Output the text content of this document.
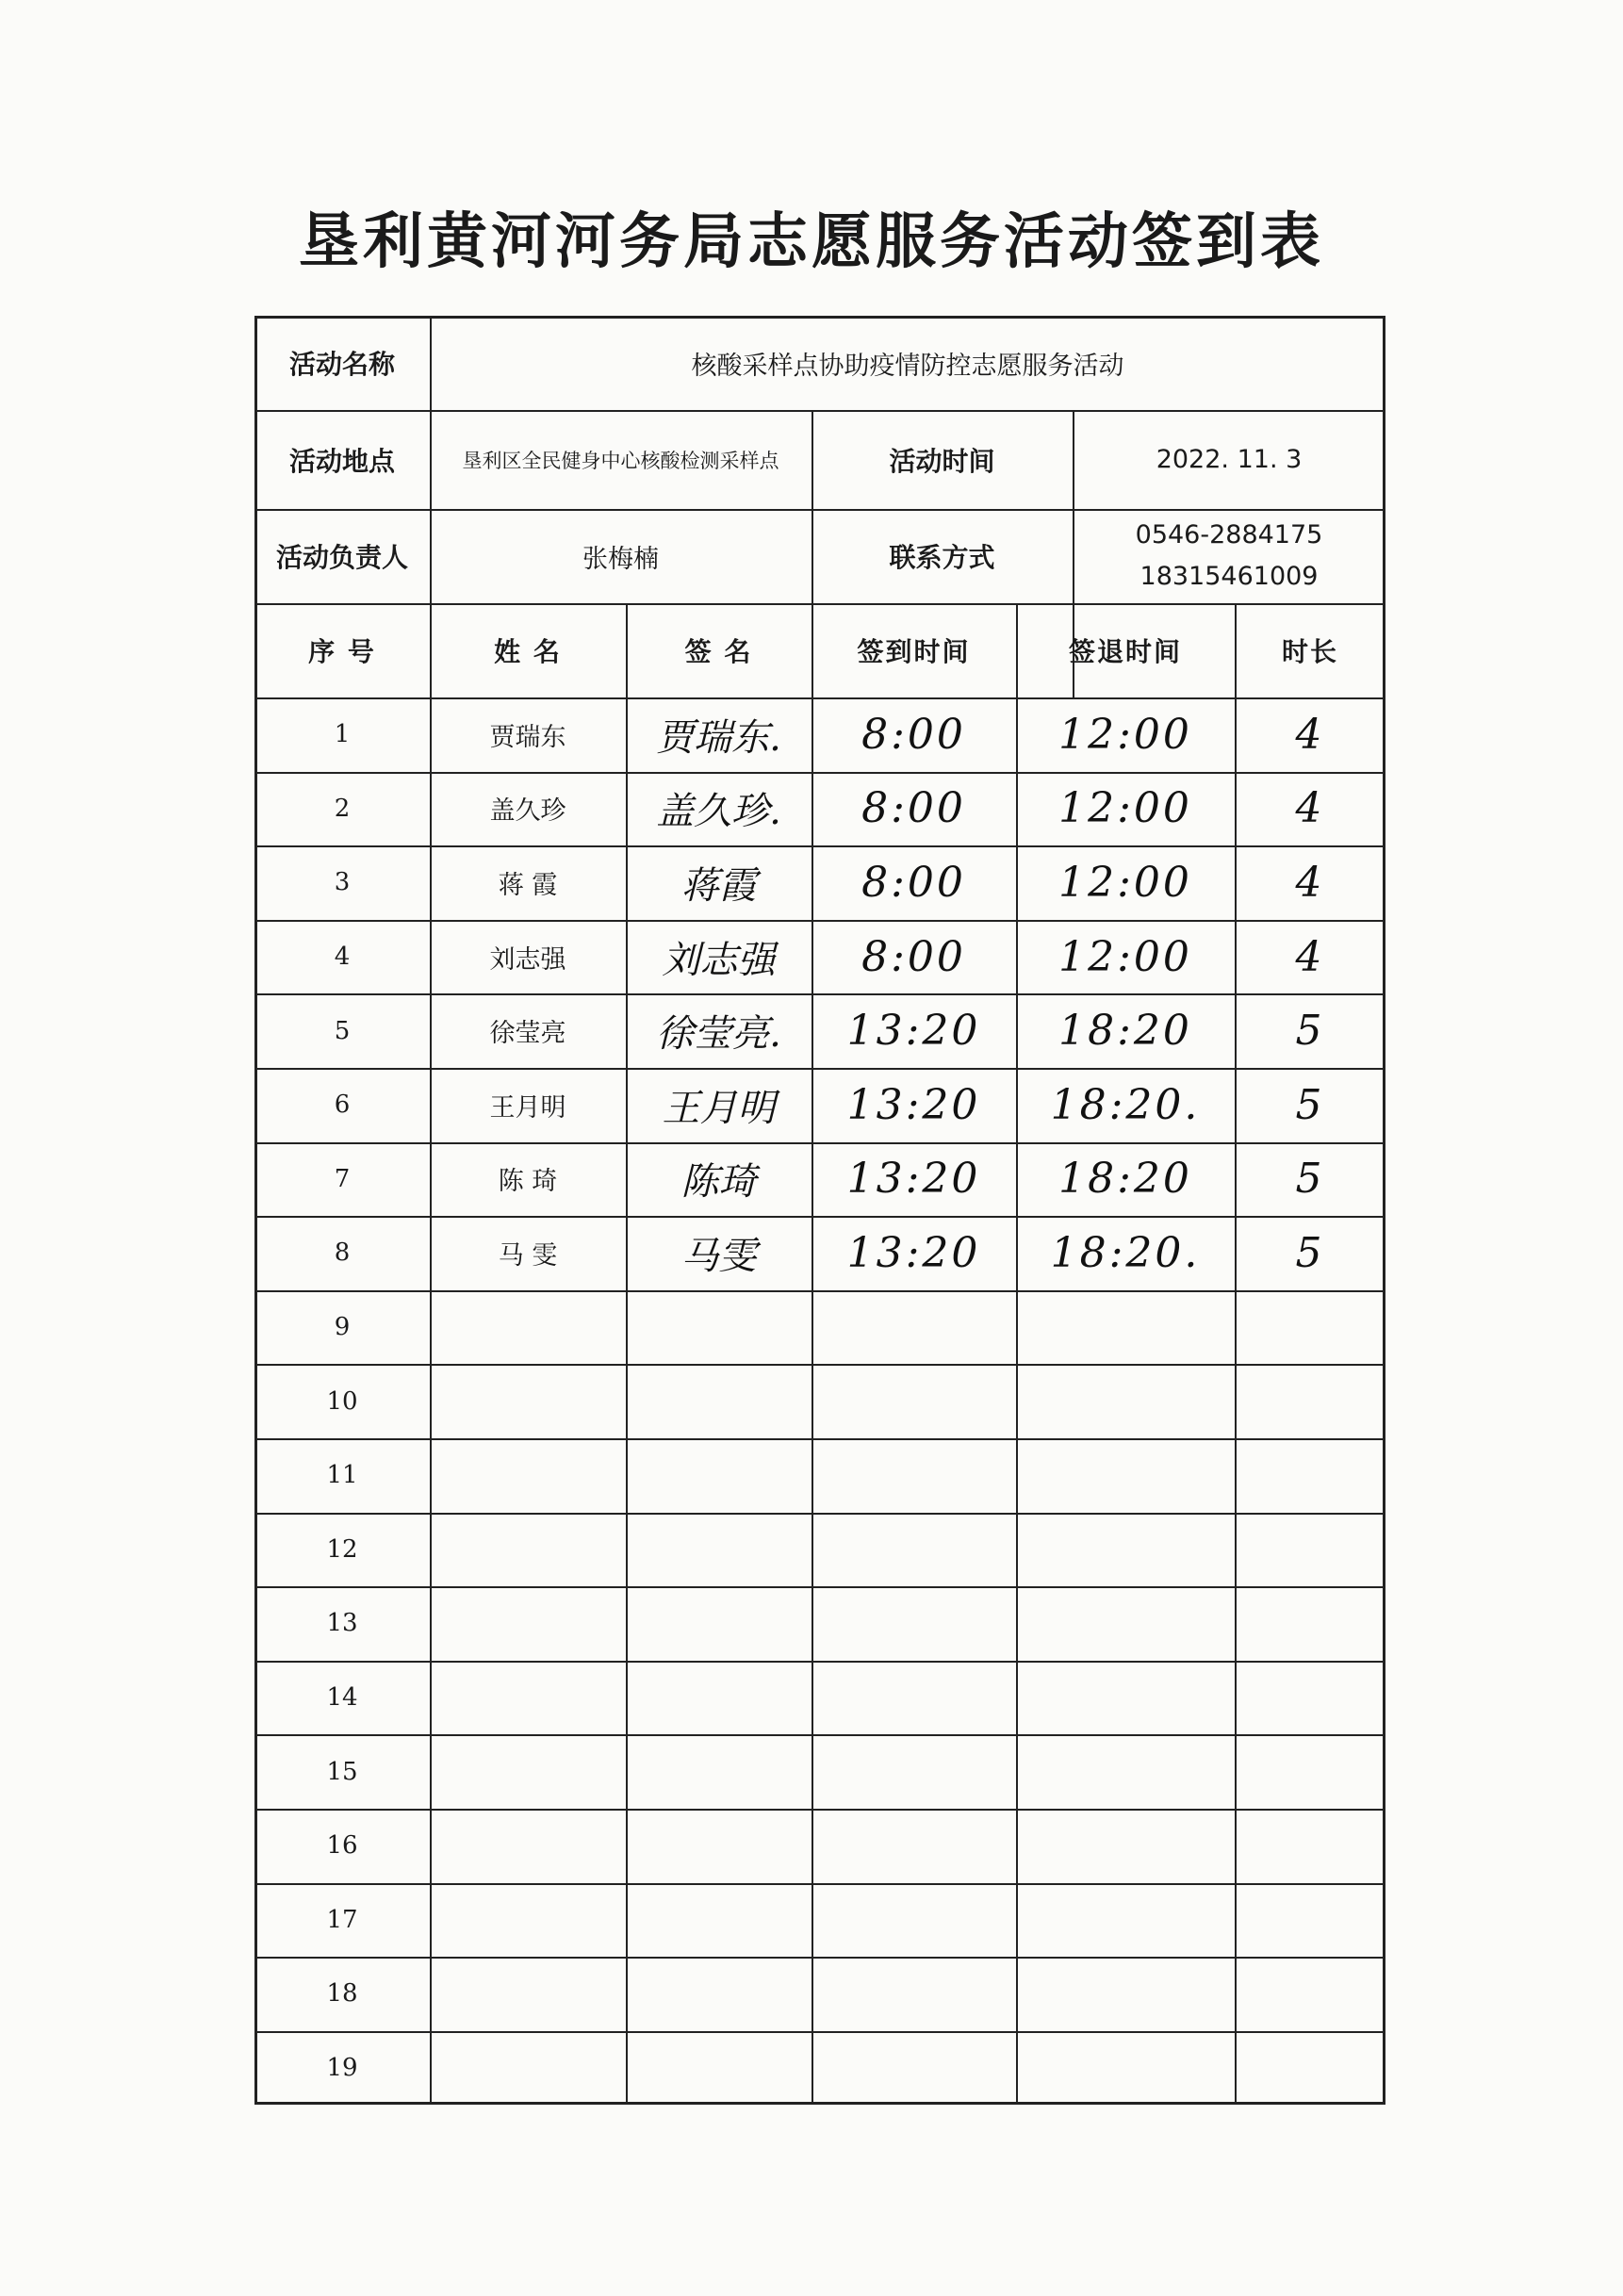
垦利黄河河务局志愿服务活动签到表
活动名称	核酸采样点协助疫情防控志愿服务活动
活动地点	垦利区全民健身中心核酸检测采样点	活动时间	2022. 11. 3
活动负责人	张梅楠	联系方式
0546-2884175
18315461009
序 号	姓 名	签 名	签到时间	签退时间	时长
1	贾瑞东	贾瑞东.	8:00	12:00	4
2	盖久珍	盖久珍.	8:00	12:00	4
3	蒋 霞	蒋霞	8:00	12:00	4
4	刘志强	刘志强	8:00	12:00	4
5	徐莹亮	徐莹亮.	13:20	18:20	5
6	王月明	王月明	13:20	18:20.	5
7	陈 琦	陈琦	13:20	18:20	5
8	马 雯	马雯	13:20	18:20.	5
9
10
11
12
13
14
15
16
17
18
19
